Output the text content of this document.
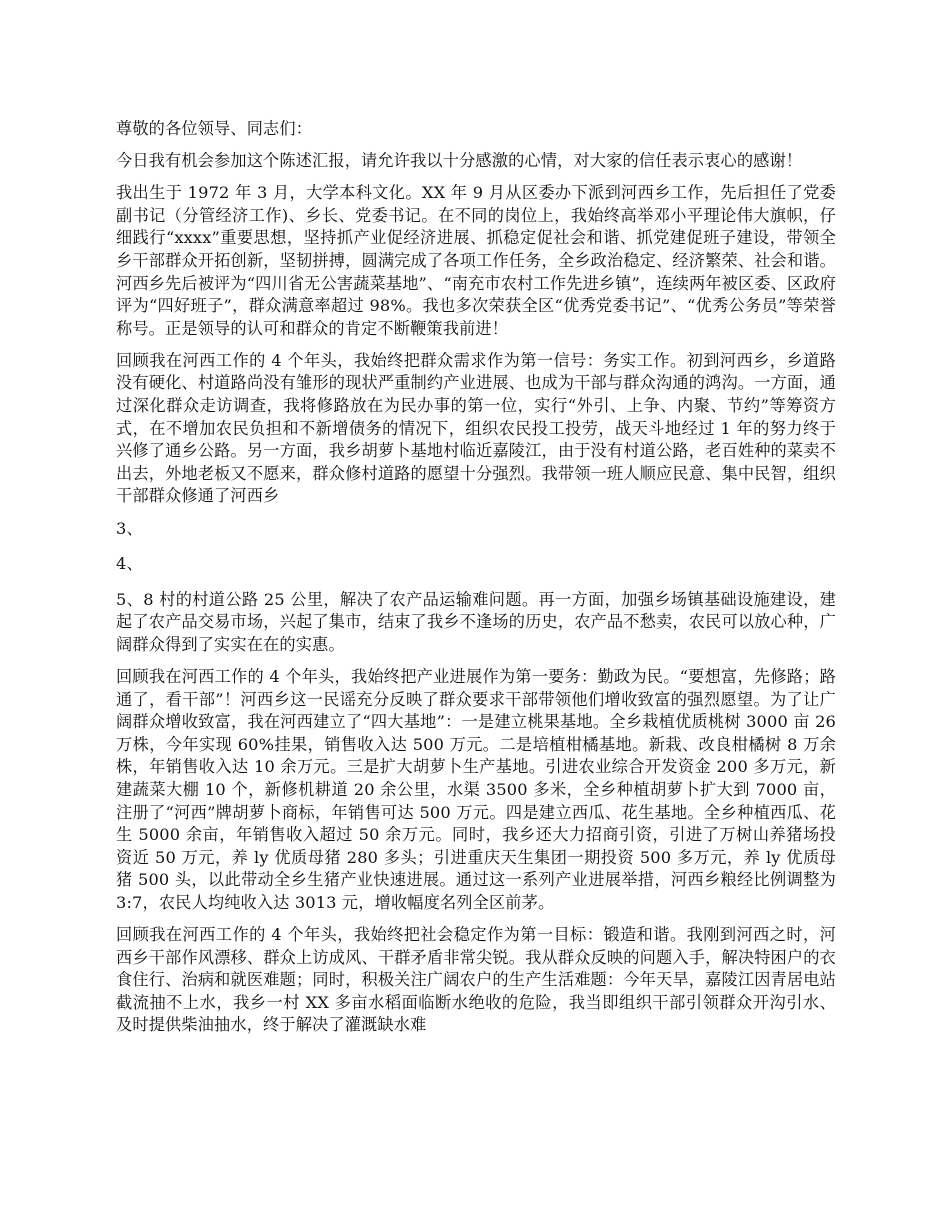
尊敬的各位领导、同志们：

今日我有机会参加这个陈述汇报，请允许我以十分感激的心情，对大家的信任表示衷心的感谢！

我出生于 1972 年 3 月，大学本科文化。XX 年 9 月从区委办下派到河西乡工作，先后担任了党委副书记（分管经济工作)、乡长、党委书记。在不同的岗位上，我始终高举邓小平理论伟大旗帜，仔细践行“xxxx”重要思想，坚持抓产业促经济进展、抓稳定促社会和谐、抓党建促班子建设，带领全乡干部群众开拓创新，坚韧拼搏，圆满完成了各项工作任务，全乡政治稳定、经济繁荣、社会和谐。河西乡先后被评为“四川省无公害蔬菜基地”、“南充市农村工作先进乡镇”，连续两年被区委、区政府评为“四好班子”，群众满意率超过 98%。我也多次荣获全区“优秀党委书记”、“优秀公务员”等荣誉称号。正是领导的认可和群众的肯定不断鞭策我前进！

回顾我在河西工作的 4 个年头，我始终把群众需求作为第一信号：务实工作。初到河西乡，乡道路没有硬化、村道路尚没有雏形的现状严重制约产业进展、也成为干部与群众沟通的鸿沟。一方面，通过深化群众走访调查，我将修路放在为民办事的第一位，实行“外引、上争、内聚、节约”等筹资方式，在不增加农民负担和不新增债务的情况下，组织农民投工投劳，战天斗地经过 1 年的努力终于兴修了通乡公路。另一方面，我乡胡萝卜基地村临近嘉陵江，由于没有村道公路，老百姓种的菜卖不出去，外地老板又不愿来，群众修村道路的愿望十分强烈。我带领一班人顺应民意、集中民智，组织干部群众修通了河西乡

3、

4、

5、8 村的村道公路 25 公里，解决了农产品运输难问题。再一方面，加强乡场镇基础设施建设，建起了农产品交易市场，兴起了集市，结束了我乡不逢场的历史，农产品不愁卖，农民可以放心种，广阔群众得到了实实在在的实惠。

回顾我在河西工作的 4 个年头，我始终把产业进展作为第一要务：勤政为民。“要想富，先修路；路通了，看干部”！河西乡这一民谣充分反映了群众要求干部带领他们增收致富的强烈愿望。为了让广阔群众增收致富，我在河西建立了“四大基地”：一是建立桃果基地。全乡栽植优质桃树 3000 亩 26 万株，今年实现 60%挂果，销售收入达 500 万元。二是培植柑橘基地。新栽、改良柑橘树 8 万余株，年销售收入达 10 余万元。三是扩大胡萝卜生产基地。引进农业综合开发资金 200 多万元，新建蔬菜大棚 10 个，新修机耕道 20 余公里，水渠 3500 多米，全乡种植胡萝卜扩大到 7000 亩，注册了“河西”牌胡萝卜商标，年销售可达 500 万元。四是建立西瓜、花生基地。全乡种植西瓜、花生 5000 余亩，年销售收入超过 50 余万元。同时，我乡还大力招商引资，引进了万树山养猪场投资近 50 万元，养 ly 优质母猪 280 多头；引进重庆天生集团一期投资 500 多万元，养 ly 优质母猪 500 头，以此带动全乡生猪产业快速进展。通过这一系列产业进展举措，河西乡粮经比例调整为 3:7，农民人均纯收入达 3013 元，增收幅度名列全区前茅。

回顾我在河西工作的 4 个年头，我始终把社会稳定作为第一目标：锻造和谐。我刚到河西之时，河西乡干部作风漂移、群众上访成风、干群矛盾非常尖锐。我从群众反映的问题入手，解决特困户的衣食住行、治病和就医难题；同时，积极关注广阔农户的生产生活难题：今年天旱，嘉陵江因青居电站截流抽不上水，我乡一村 XX 多亩水稻面临断水绝收的危险，我当即组织干部引领群众开沟引水、及时提供柴油抽水，终于解决了灌溉缺水难
